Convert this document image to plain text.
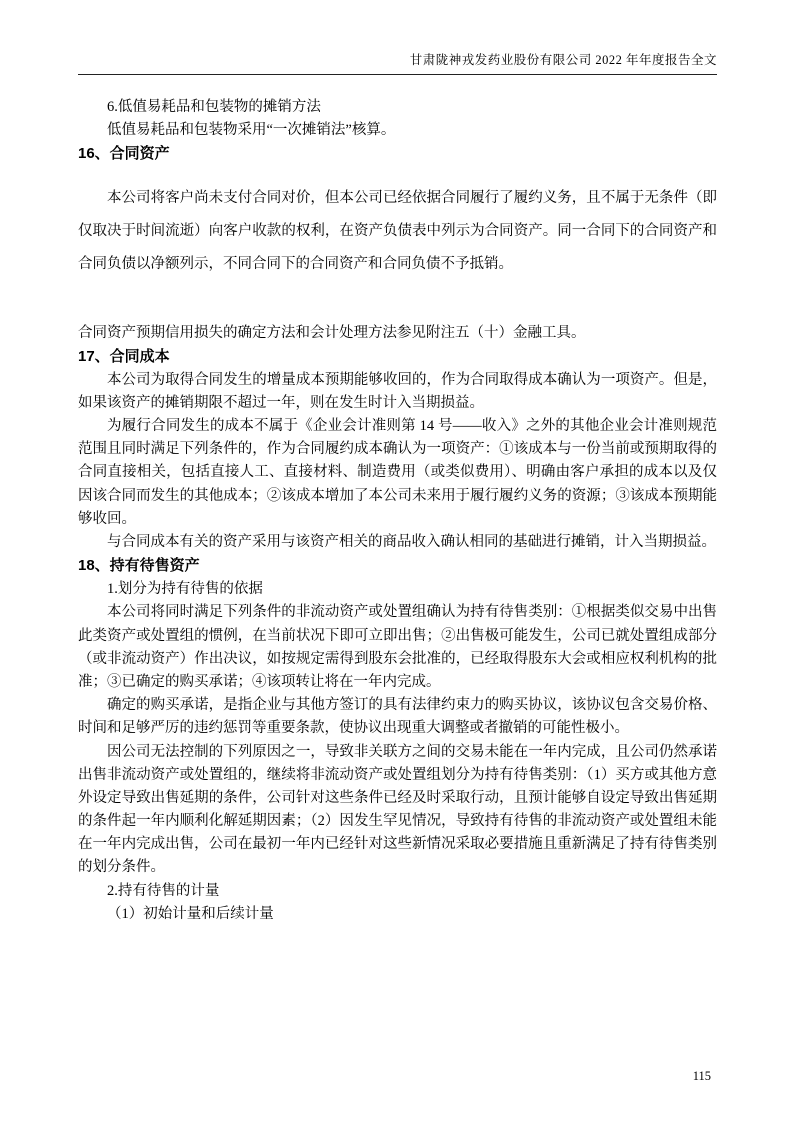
甘肃陇神戎发药业股份有限公司 2022 年年度报告全文
6.低值易耗品和包装物的摊销方法
低值易耗品和包装物采用“一次摊销法”核算。
16、合同资产
本公司将客户尚未支付合同对价，但本公司已经依据合同履行了履约义务，且不属于无条件（即仅取决于时间流逝）向客户收款的权利，在资产负债表中列示为合同资产。同一合同下的合同资产和合同负债以净额列示，不同合同下的合同资产和合同负债不予抵销。
合同资产预期信用损失的确定方法和会计处理方法参见附注五（十）金融工具。
17、合同成本
本公司为取得合同发生的增量成本预期能够收回的，作为合同取得成本确认为一项资产。但是，如果该资产的摊销期限不超过一年，则在发生时计入当期损益。
为履行合同发生的成本不属于《企业会计准则第 14 号——收入》之外的其他企业会计准则规范范围且同时满足下列条件的，作为合同履约成本确认为一项资产：①该成本与一份当前或预期取得的合同直接相关，包括直接人工、直接材料、制造费用（或类似费用）、明确由客户承担的成本以及仅因该合同而发生的其他成本；②该成本增加了本公司未来用于履行履约义务的资源；③该成本预期能够收回。
与合同成本有关的资产采用与该资产相关的商品收入确认相同的基础进行摊销，计入当期损益。
18、持有待售资产
1.划分为持有待售的依据
本公司将同时满足下列条件的非流动资产或处置组确认为持有待售类别：①根据类似交易中出售此类资产或处置组的惯例，在当前状况下即可立即出售；②出售极可能发生，公司已就处置组成部分（或非流动资产）作出决议，如按规定需得到股东会批准的，已经取得股东大会或相应权利机构的批准；③已确定的购买承诺；④该项转让将在一年内完成。
确定的购买承诺，是指企业与其他方签订的具有法律约束力的购买协议，该协议包含交易价格、时间和足够严厉的违约惩罚等重要条款，使协议出现重大调整或者撤销的可能性极小。
因公司无法控制的下列原因之一，导致非关联方之间的交易未能在一年内完成，且公司仍然承诺出售非流动资产或处置组的，继续将非流动资产或处置组划分为持有待售类别：（1）买方或其他方意外设定导致出售延期的条件，公司针对这些条件已经及时采取行动，且预计能够自设定导致出售延期的条件起一年内顺利化解延期因素；（2）因发生罕见情况，导致持有待售的非流动资产或处置组未能在一年内完成出售，公司在最初一年内已经针对这些新情况采取必要措施且重新满足了持有待售类别的划分条件。
2.持有待售的计量
（1）初始计量和后续计量
115
